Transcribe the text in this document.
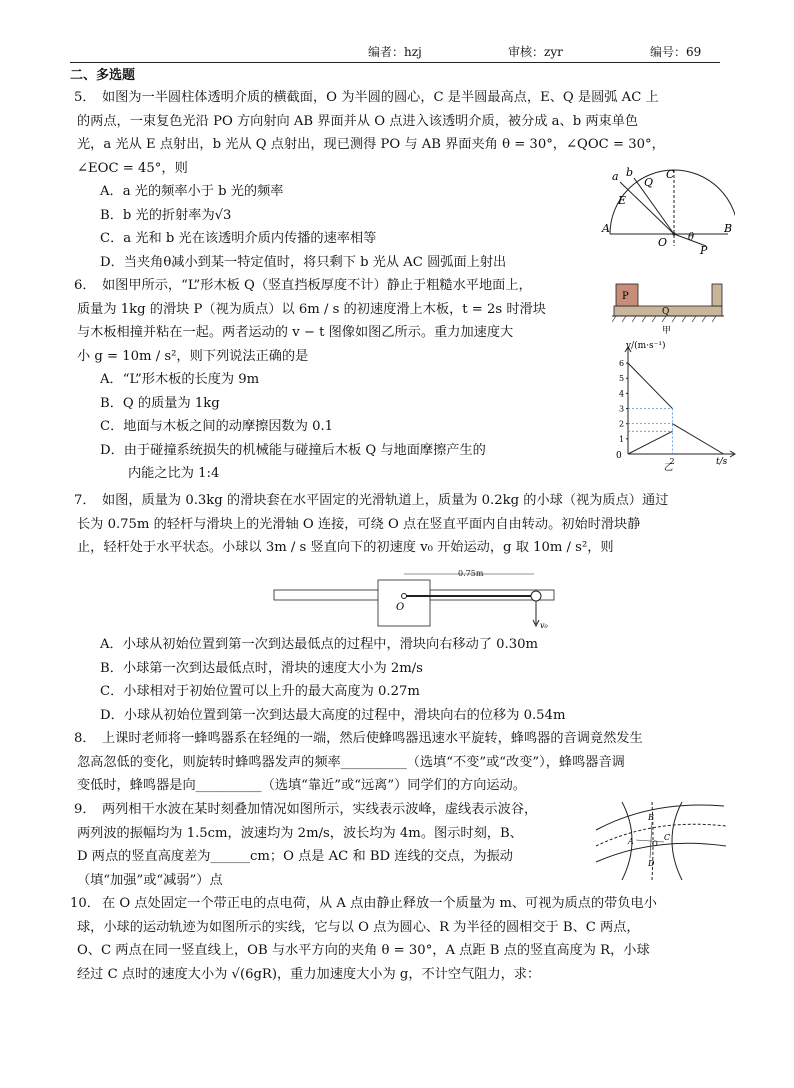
编者：hzj	审核：zyr	编号：69
二、多选题
5． 如图为一半圆柱体透明介质的横截面，O 为半圆的圆心，C 是半圆最高点，E、Q 是圆弧 AC 上

的两点，一束复色光沿 PO 方向射向 AB 界面并从 O 点进入该透明介质，被分成 a、b 两束单色

光，a 光从 E 点射出，b 光从 Q 点射出，现已测得 PO 与 AB 界面夹角 θ = 30°，∠QOC = 30°，

∠EOC = 45°，则

A．a 光的频率小于 b 光的频率

B．b 光的折射率为√3

C．a 光和 b 光在该透明介质内传播的速率相等

D．当夹角θ减小到某一特定值时，将只剩下 b 光从 AC 圆弧面上射出

a b
Q
C
E
A
O θ
B
P
6． 如图甲所示，“L”形木板 Q（竖直挡板厚度不计）静止于粗糙水平地面上，

质量为 1kg 的滑块 P（视为质点）以 6m / s 的初速度滑上木板，t = 2s 时滑块

与木板相撞并粘在一起。两者运动的 v − t 图像如图乙所示。重力加速度大

小 g = 10m / s²，则下列说法正确的是

A．“L”形木板的长度为 9m

B．Q 的质量为 1kg

C．地面与木板之间的动摩擦因数为 0.1

D．由于碰撞系统损失的机械能与碰撞后木板 Q 与地面摩擦产生的

内能之比为 1:4

P
Q
甲
1
2
3
4
5
6
2
v/(m·s⁻¹)
t/s
乙
0
7． 如图，质量为 0.3kg 的滑块套在水平固定的光滑轨道上，质量为 0.2kg 的小球（视为质点）通过

长为 0.75m 的轻杆与滑块上的光滑轴 O 连接，可绕 O 点在竖直平面内自由转动。初始时滑块静

止，轻杆处于水平状态。小球以 3m / s 竖直向下的初速度 v₀ 开始运动，g 取 10m / s²，则

0.75m
O
v₀

A．小球从初始位置到第一次到达最低点的过程中，滑块向右移动了 0.30m

B．小球第一次到达最低点时，滑块的速度大小为 2m/s

C．小球相对于初始位置可以上升的最大高度为 0.27m

D．小球从初始位置到第一次到达最大高度的过程中，滑块向右的位移为 0.54m

8． 上课时老师将一蜂鸣器系在轻绳的一端，然后使蜂鸣器迅速水平旋转，蜂鸣器的音调竟然发生

忽高忽低的变化，则旋转时蜂鸣器发声的频率__________（选填“不变”或“改变”），蜂鸣器音调

变低时，蜂鸣器是向__________（选填“靠近”或“远离”）同学们的方向运动。

9． 两列相干水波在某时刻叠加情况如图所示，实线表示波峰，虚线表示波谷，

两列波的振幅均为 1.5cm，波速均为 2m/s，波长均为 4m。图示时刻，B、

D 两点的竖直高度差为______cm；O 点是 AC 和 BD 连线的交点，为振动

（填“加强”或“减弱”）点

A
B
C
D
O
10． 在 O 点处固定一个带正电的点电荷，从 A 点由静止释放一个质量为 m、可视为质点的带负电小

球，小球的运动轨迹为如图所示的实线，它与以 O 点为圆心、R 为半径的圆相交于 B、C 两点，

O、C 两点在同一竖直线上，OB 与水平方向的夹角 θ = 30°，A 点距 B 点的竖直高度为 R，小球

经过 C 点时的速度大小为 √(6gR)，重力加速度大小为 g，不计空气阻力，求：
